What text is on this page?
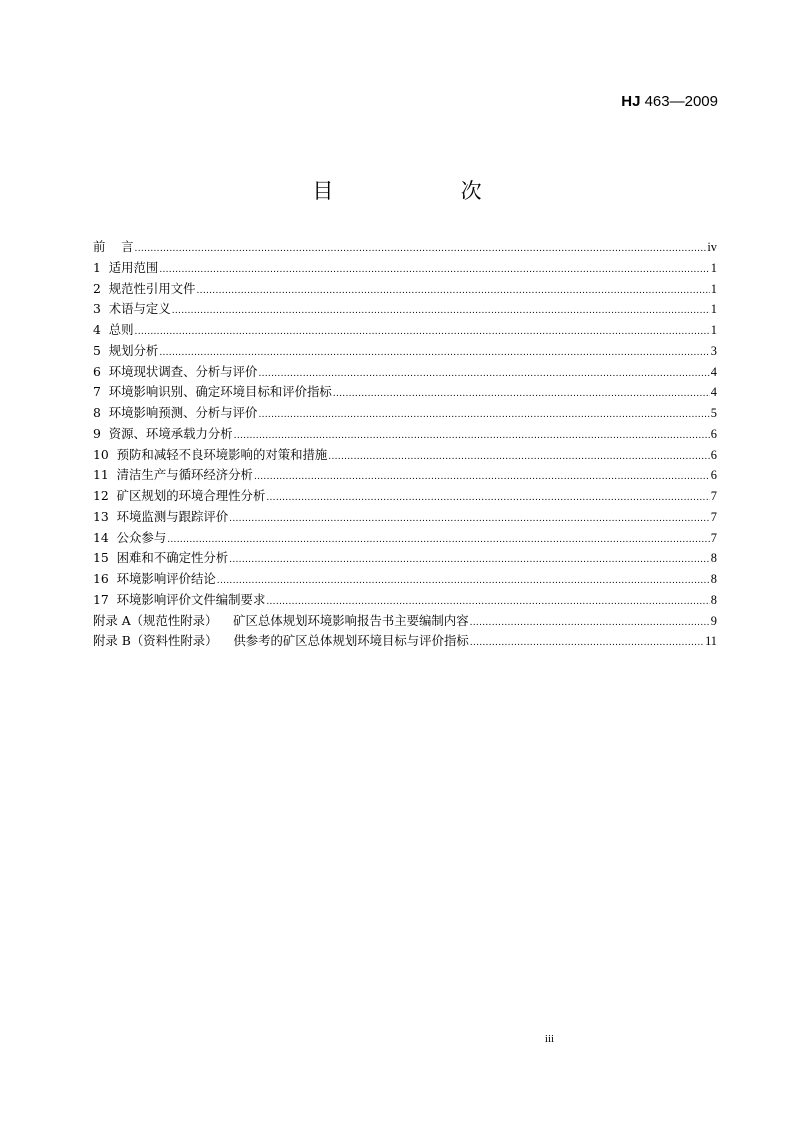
HJ 463—2009
目  次
前    言 .....	iv
1  适用范围 .....	1
2  规范性引用文件 .....	1
3  术语与定义 .....	1
4  总则 .....	1
5  规划分析 .....	3
6  环境现状调查、分析与评价 .....	4
7  环境影响识别、确定环境目标和评价指标 .....	4
8  环境影响预测、分析与评价 .....	5
9  资源、环境承载力分析 .....	6
10  预防和减轻不良环境影响的对策和措施 .....	6
11  清洁生产与循环经济分析 .....	6
12  矿区规划的环境合理性分析 .....	7
13  环境监测与跟踪评价 .....	7
14  公众参与 .....	7
15  困难和不确定性分析 .....	8
16  环境影响评价结论 .....	8
17  环境影响评价文件编制要求 .....	8
附录 A（规范性附录）    矿区总体规划环境影响报告书主要编制内容 .....	9
附录 B（资料性附录）    供参考的矿区总体规划环境目标与评价指标 .....	11
iii
